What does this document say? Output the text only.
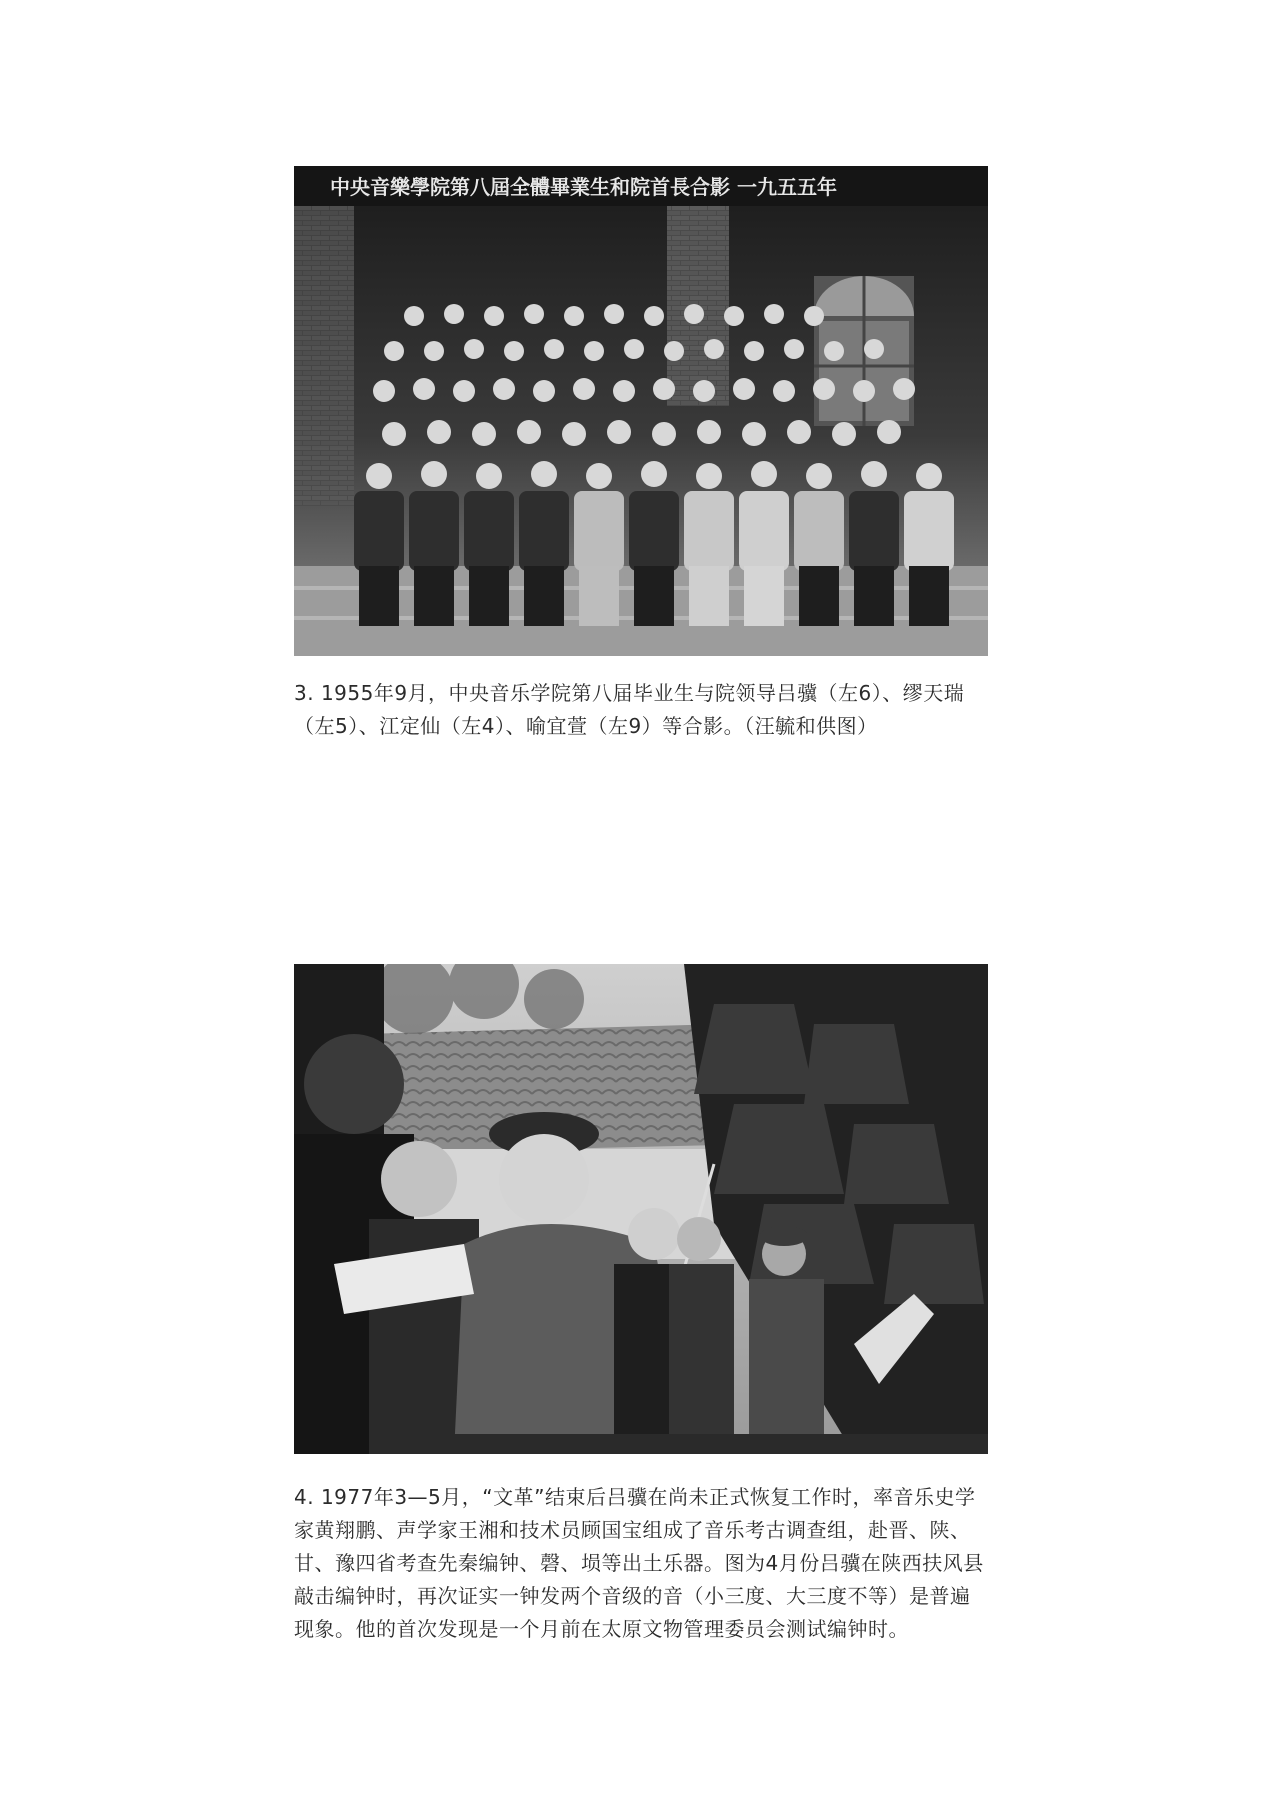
中央音樂學院第八屆全體畢業生和院首長合影 一九五五年

3. 1955年9月，中央音乐学院第八届毕业生与院领导吕骥（左6）、缪天瑞（左5）、江定仙（左4）、喻宜萱（左9）等合影。（汪毓和供图）

4. 1977年3—5月，“文革”结束后吕骥在尚未正式恢复工作时，率音乐史学家黄翔鹏、声学家王湘和技术员顾国宝组成了音乐考古调查组，赴晋、陕、甘、豫四省考查先秦编钟、磬、埙等出土乐器。图为4月份吕骥在陕西扶风县敲击编钟时，再次证实一钟发两个音级的音（小三度、大三度不等）是普遍现象。他的首次发现是一个月前在太原文物管理委员会测试编钟时。
